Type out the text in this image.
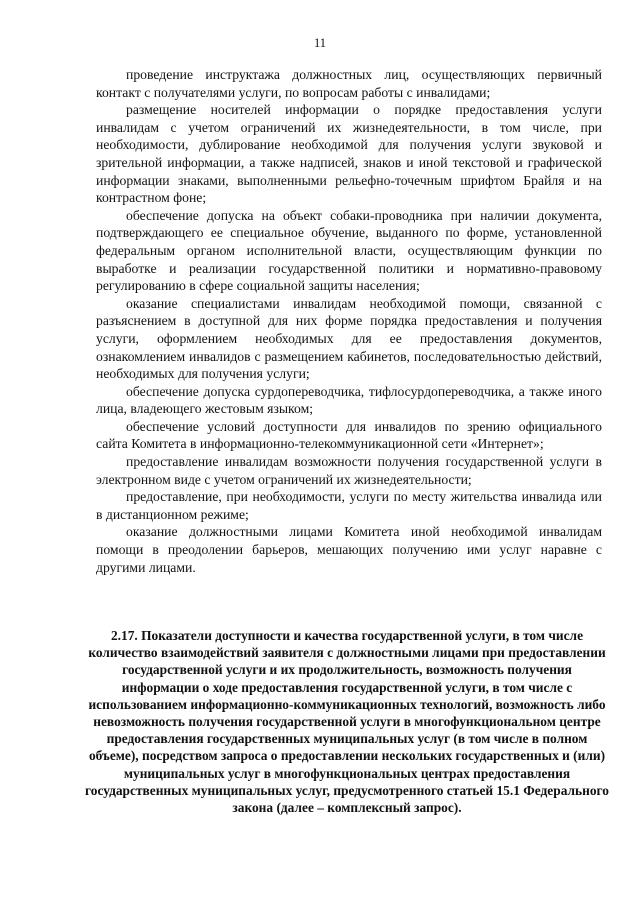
11

проведение инструктажа должностных лиц, осуществляющих первичный контакт с получателями услуги, по вопросам работы с инвалидами;

размещение носителей информации о порядке предоставления услуги инвалидам с учетом ограничений их жизнедеятельности, в том числе, при необходимости, дублирование необходимой для получения услуги звуковой и зрительной информации, а также надписей, знаков и иной текстовой и графической информации знаками, выполненными рельефно-точечным шрифтом Брайля и на контрастном фоне;

обеспечение допуска на объект собаки-проводника при наличии документа, подтверждающего ее специальное обучение, выданного по форме, установленной федеральным органом исполнительной власти, осуществляющим функции по выработке и реализации государственной политики и нормативно-правовому регулированию в сфере социальной защиты населения;

оказание специалистами инвалидам необходимой помощи, связанной с разъяснением в доступной для них форме порядка предоставления и получения услуги, оформлением необходимых для ее предоставления документов, ознакомлением инвалидов с размещением кабинетов, последовательностью действий, необходимых для получения услуги;

обеспечение допуска сурдопереводчика, тифлосурдопереводчика, а также иного лица, владеющего жестовым языком;

обеспечение условий доступности для инвалидов по зрению официального сайта Комитета в информационно-телекоммуникационной сети «Интернет»;

предоставление инвалидам возможности получения государственной услуги в электронном виде с учетом ограничений их жизнедеятельности;

предоставление, при необходимости, услуги по месту жительства инвалида или в дистанционном режиме;

оказание должностными лицами Комитета иной необходимой инвалидам помощи в преодолении барьеров, мешающих получению ими услуг наравне с другими лицами.

2.17. Показатели доступности и качества государственной услуги, в том числе количество взаимодействий заявителя с должностными лицами при предоставлении государственной услуги и их продолжительность, возможность получения информации о ходе предоставления государственной услуги, в том числе с использованием информационно-коммуникационных технологий, возможность либо невозможность получения государственной услуги в многофункциональном центре предоставления государственных муниципальных услуг (в том числе в полном объеме), посредством запроса о предоставлении нескольких государственных и (или) муниципальных услуг в многофункциональных центрах предоставления государственных муниципальных услуг, предусмотренного статьей 15.1 Федерального закона (далее – комплексный запрос).
